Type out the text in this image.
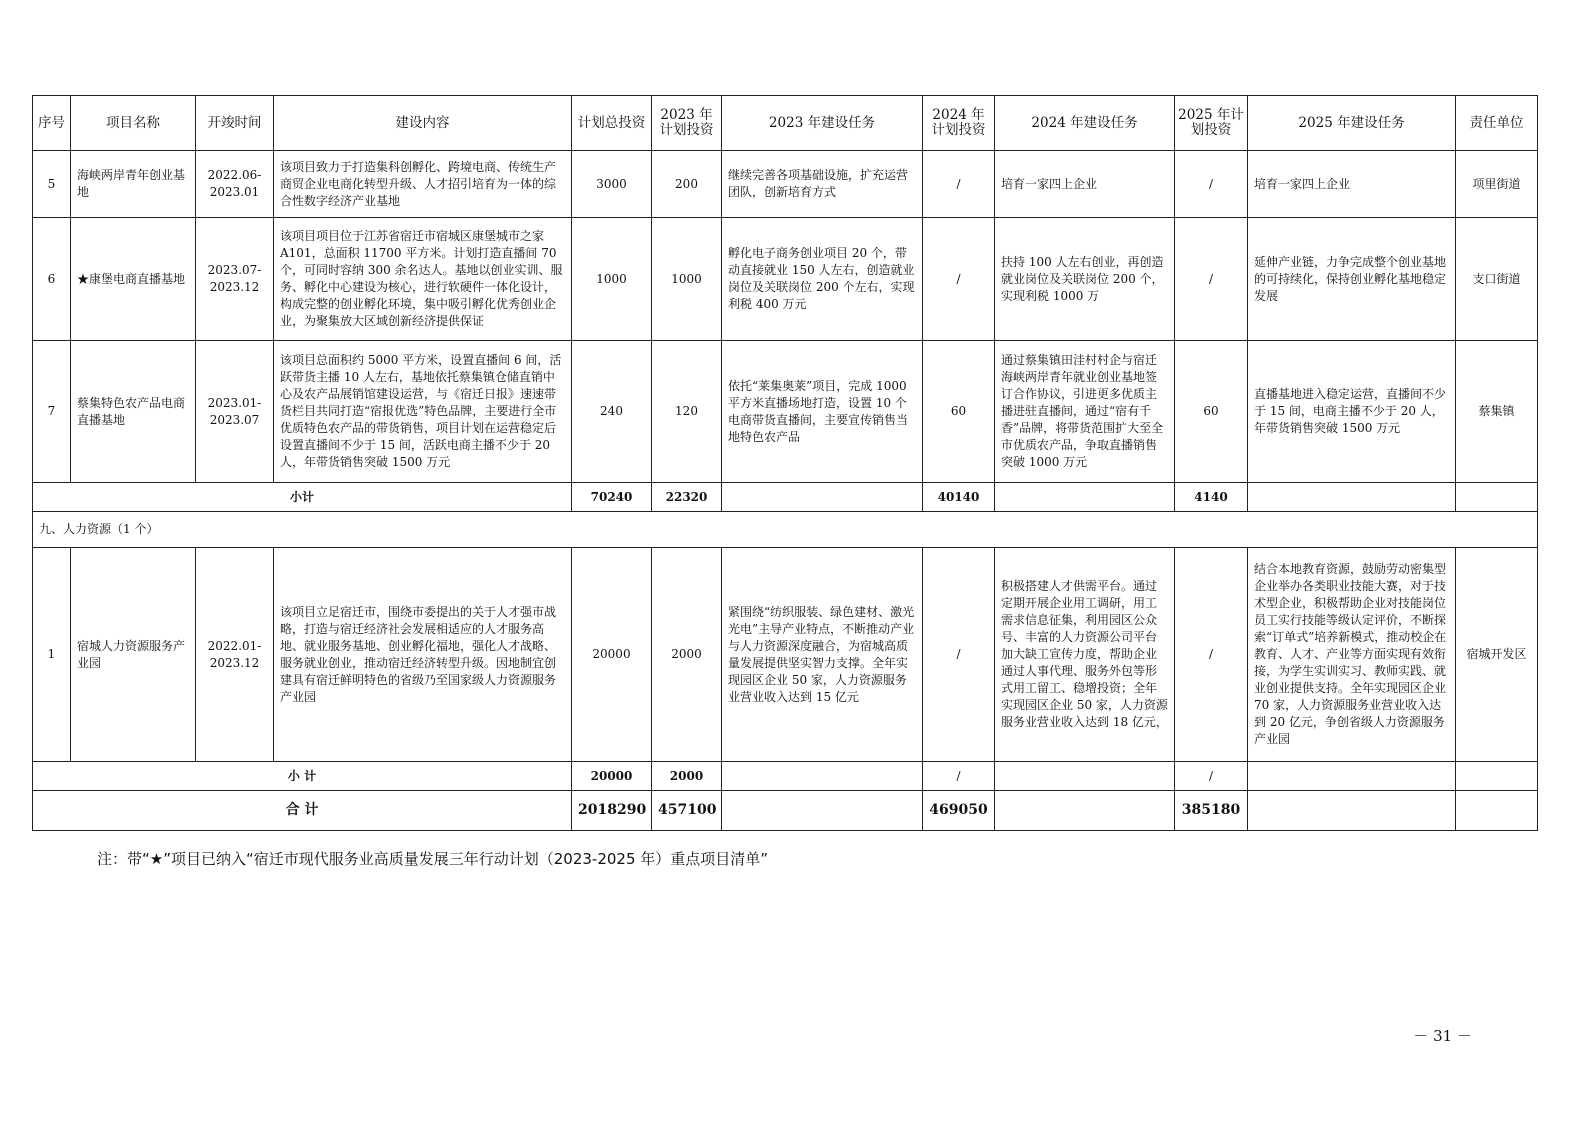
序号	项目名称	开竣时间	建设内容	计划总投资	2023 年计划投资	2023 年建设任务	2024 年计划投资	2024 年建设任务	2025 年计划投资	2025 年建设任务	责任单位
5	海峡两岸青年创业基地	2022.06-2023.01	该项目致力于打造集科创孵化、跨境电商、传统生产商贸企业电商化转型升级、人才招引培育为一体的综合性数字经济产业基地	3000	200	继续完善各项基础设施，扩充运营团队，创新培育方式	/	培育一家四上企业	/	培育一家四上企业	项里街道
6	★康堡电商直播基地	2023.07-2023.12	该项目项目位于江苏省宿迁市宿城区康堡城市之家 A101，总面积 11700 平方米。计划打造直播间 70 个，可同时容纳 300 余名达人。基地以创业实训、服务、孵化中心建设为核心，进行软硬件一体化设计，构成完整的创业孵化环境，集中吸引孵化优秀创业企业，为聚集放大区域创新经济提供保证	1000	1000	孵化电子商务创业项目 20 个，带动直接就业 150 人左右，创造就业岗位及关联岗位 200 个左右，实现利税 400 万元	/	扶持 100 人左右创业，再创造就业岗位及关联岗位 200 个，实现利税 1000 万	/	延伸产业链，力争完成整个创业基地的可持续化，保持创业孵化基地稳定发展	支口街道
7	蔡集特色农产品电商直播基地	2023.01-2023.07	该项目总面积约 5000 平方米，设置直播间 6 间，活跃带货主播 10 人左右，基地依托蔡集镇仓储直销中心及农产品展销馆建设运营，与《宿迁日报》速速带货栏目共同打造“宿报优选”特色品牌，主要进行全市优质特色农产品的带货销售，项目计划在运营稳定后设置直播间不少于 15 间，活跃电商主播不少于 20 人，年带货销售突破 1500 万元	240	120	依托“莱集奥莱”项目，完成 1000 平方米直播场地打造，设置 10 个电商带货直播间，主要宣传销售当地特色农产品	60	通过蔡集镇田洼村村企与宿迁海峡两岸青年就业创业基地签订合作协议，引进更多优质主播进驻直播间，通过“宿有千香”品牌，将带货范围扩大至全市优质农产品，争取直播销售突破 1000 万元	60	直播基地进入稳定运营，直播间不少于 15 间，电商主播不少于 20 人，年带货销售突破 1500 万元	蔡集镇
小计				70240	22320		40140		4140		
九、人力资源（1 个）											
1	宿城人力资源服务产业园	2022.01-2023.12	该项目立足宿迁市，围绕市委提出的关于人才强市战略，打造与宿迁经济社会发展相适应的人才服务高地、就业服务基地、创业孵化福地，强化人才战略、服务就业创业，推动宿迁经济转型升级。因地制宜创建具有宿迁鲜明特色的省级乃至国家级人力资源服务产业园	20000	2000	紧围绕“纺织服装、绿色建材、激光光电”主导产业特点，不断推动产业与人力资源深度融合，为宿城高质量发展提供坚实智力支撑。全年实现园区企业 50 家，人力资源服务业营业收入达到 15 亿元	/	积极搭建人才供需平台。通过定期开展企业用工调研，用工需求信息征集，利用园区公众号、丰富的人力资源公司平台加大缺工宣传力度，帮助企业通过人事代理、服务外包等形式用工留工、稳增投资；全年实现园区企业 50 家，人力资源服务业营业收入达到 18 亿元，	/	结合本地教育资源，鼓励劳动密集型企业举办各类职业技能大赛，对于技术型企业，积极帮助企业对技能岗位员工实行技能等级认定评价，不断探索“订单式”培养新模式，推动校企在教育、人才、产业等方面实现有效衔接，为学生实训实习、教师实践、就业创业提供支持。全年实现园区企业 70 家，人力资源服务业营业收入达到 20 亿元，争创省级人力资源服务产业园	宿城开发区
小 计				20000	2000		/		/		
合 计				2018290	457100		469050		385180		
注：带“★”项目已纳入“宿迁市现代服务业高质量发展三年行动计划（2023-2025 年）重点项目清单”
－ 31 －
